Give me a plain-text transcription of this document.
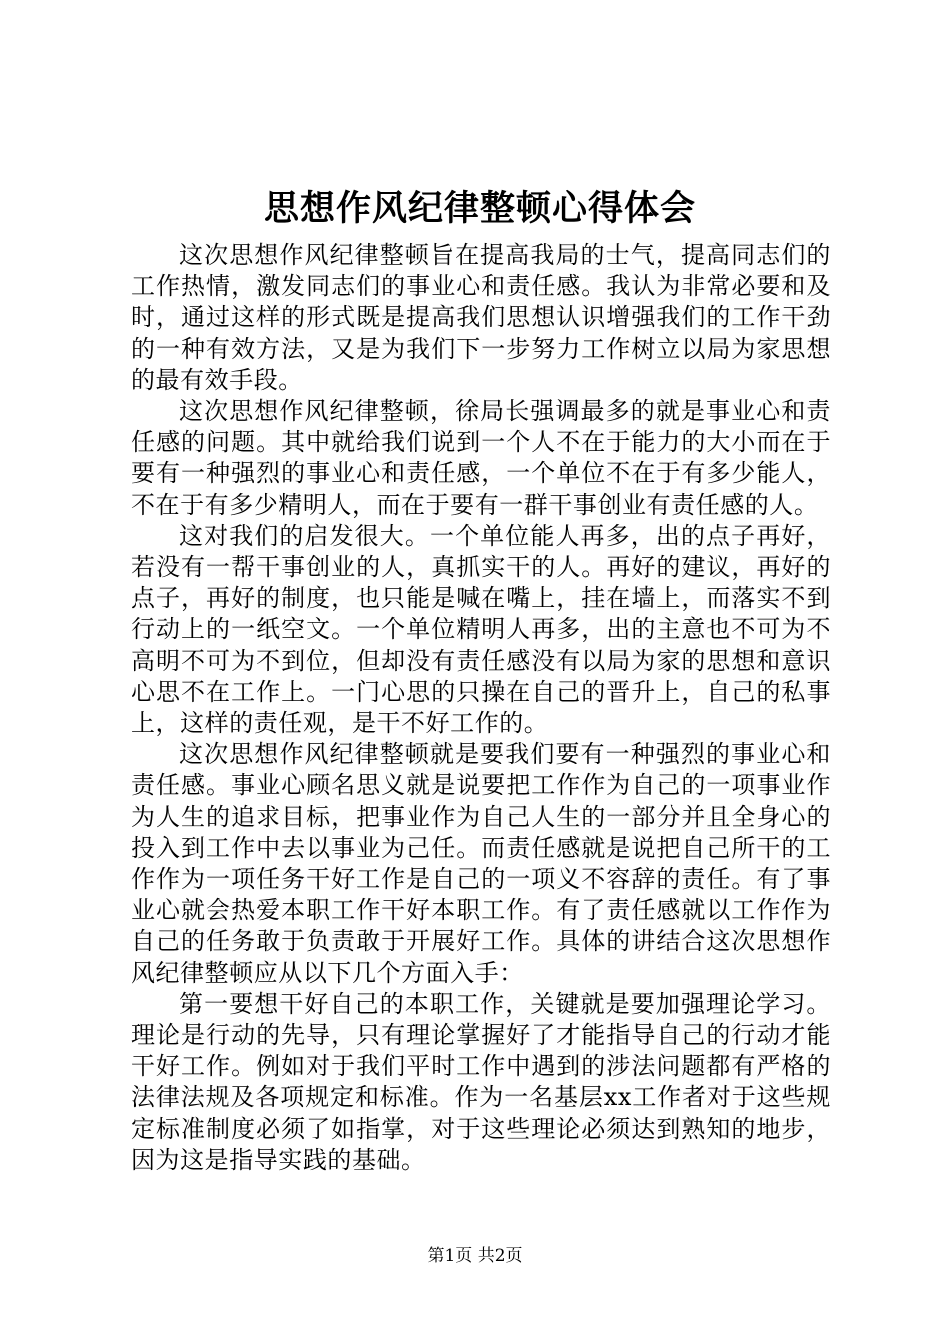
思想作风纪律整顿心得体会

这次思想作风纪律整顿旨在提高我局的士气，提高同志们的工作热情，激发同志们的事业心和责任感。我认为非常必要和及时，通过这样的形式既是提高我们思想认识增强我们的工作干劲的一种有效方法，又是为我们下一步努力工作树立以局为家思想的最有效手段。

这次思想作风纪律整顿，徐局长强调最多的就是事业心和责任感的问题。其中就给我们说到一个人不在于能力的大小而在于要有一种强烈的事业心和责任感，一个单位不在于有多少能人，不在于有多少精明人，而在于要有一群干事创业有责任感的人。

这对我们的启发很大。一个单位能人再多，出的点子再好，若没有一帮干事创业的人，真抓实干的人。再好的建议，再好的点子，再好的制度，也只能是喊在嘴上，挂在墙上，而落实不到行动上的一纸空文。一个单位精明人再多，出的主意也不可为不高明不可为不到位，但却没有责任感没有以局为家的思想和意识心思不在工作上。一门心思的只操在自己的晋升上，自己的私事上，这样的责任观，是干不好工作的。

这次思想作风纪律整顿就是要我们要有一种强烈的事业心和责任感。事业心顾名思义就是说要把工作作为自己的一项事业作为人生的追求目标，把事业作为自己人生的一部分并且全身心的投入到工作中去以事业为己任。而责任感就是说把自己所干的工作作为一项任务干好工作是自己的一项义不容辞的责任。有了事业心就会热爱本职工作干好本职工作。有了责任感就以工作作为自己的任务敢于负责敢于开展好工作。具体的讲结合这次思想作风纪律整顿应从以下几个方面入手：

第一要想干好自己的本职工作，关键就是要加强理论学习。理论是行动的先导，只有理论掌握好了才能指导自己的行动才能干好工作。例如对于我们平时工作中遇到的涉法问题都有严格的法律法规及各项规定和标准。作为一名基层xx工作者对于这些规定标准制度必须了如指掌，对于这些理论必须达到熟知的地步，因为这是指导实践的基础。

第1页 共2页
